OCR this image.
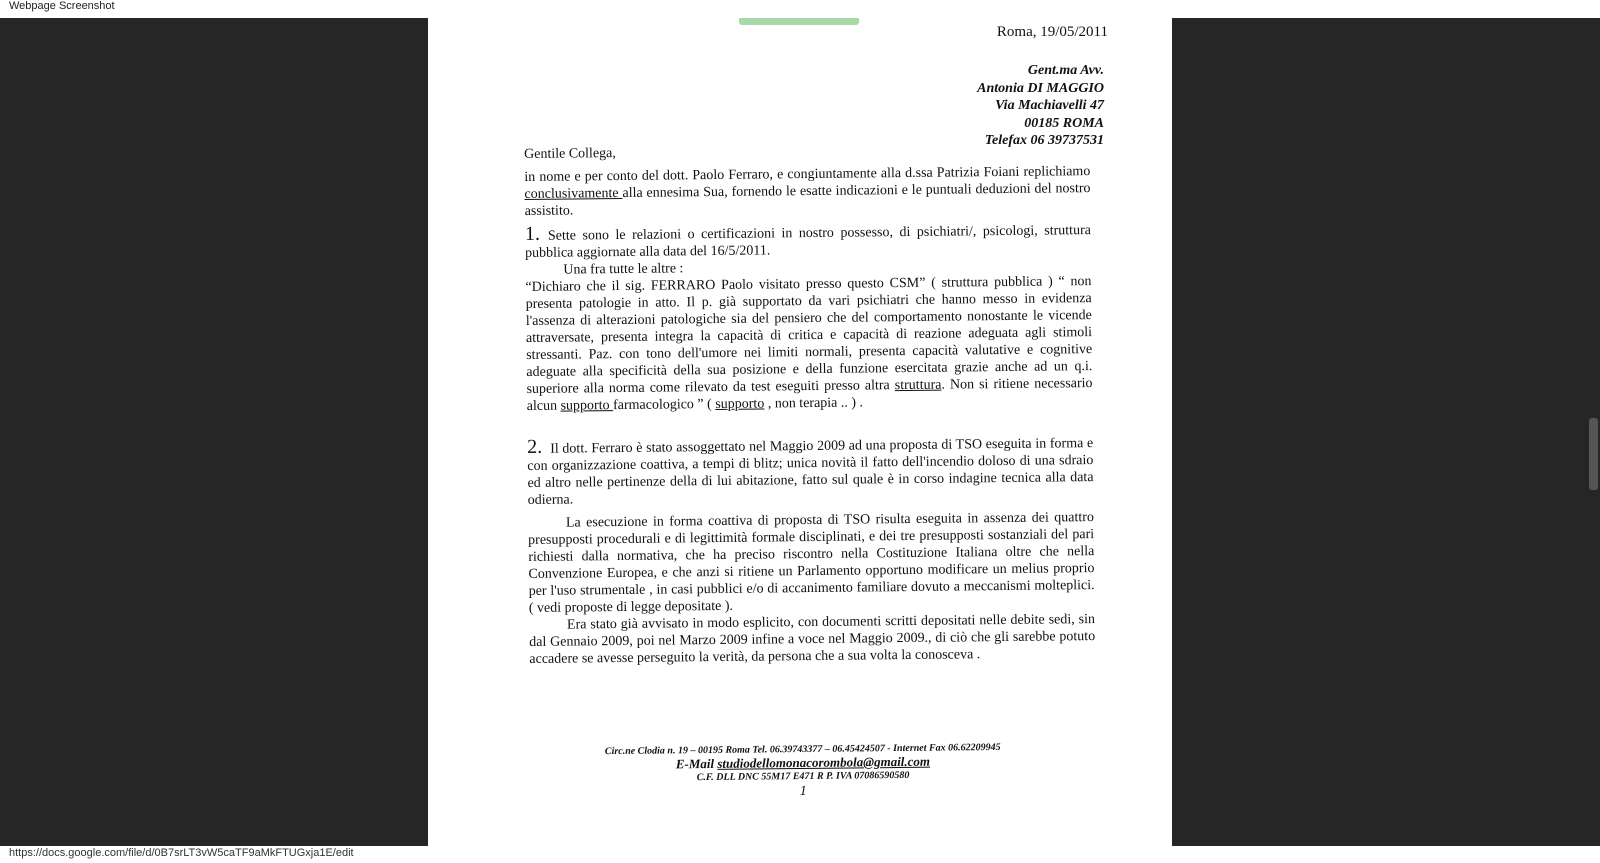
Webpage Screenshot
Roma, 19/05/2011
Gent.ma Avv.
Antonia DI MAGGIO
Via Machiavelli 47
00185 ROMA
Telefax 06 39737531

Gentile Collega,

in nome e per conto del dott. Paolo Ferraro, e congiuntamente alla d.ssa Patrizia Foiani replichiamo conclusivamente alla ennesima Sua, fornendo le esatte indicazioni e le puntuali deduzioni del nostro assistito.

1. Sette sono le relazioni o certificazioni in nostro possesso, di psichiatri/, psicologi, struttura pubblica aggiornate alla data del 16/5/2011.

Una fra tutte le altre :

“Dichiaro che il sig. FERRARO Paolo visitato presso questo CSM” ( struttura pubblica ) “ non presenta patologie in atto. Il p. già supportato da vari psichiatri che hanno messo in evidenza l'assenza di alterazioni patologiche sia del pensiero che del comportamento nonostante le vicende attraversate, presenta integra la capacità di critica e capacità di reazione adeguata agli stimoli stressanti. Paz. con tono dell'umore nei limiti normali, presenta capacità valutative e cognitive adeguate alla specificità della sua posizione e della funzione esercitata grazie anche ad un q.i. superiore alla norma come rilevato da test eseguiti presso altra struttura. Non si ritiene necessario alcun supporto farmacologico ” ( supporto , non terapia .. ) .

2. Il dott. Ferraro è stato assoggettato nel Maggio 2009 ad una proposta di TSO eseguita in forma e con organizzazione coattiva, a tempi di blitz; unica novità il fatto dell'incendio doloso di una sdraio ed altro nelle pertinenze della di lui abitazione, fatto sul quale è in corso indagine tecnica alla data odierna.

La esecuzione in forma coattiva di proposta di TSO risulta eseguita in assenza dei quattro presupposti procedurali e di legittimità formale disciplinati, e dei tre presupposti sostanziali del pari richiesti dalla normativa, che ha preciso riscontro nella Costituzione Italiana oltre che nella Convenzione Europea, e che anzi si ritiene un Parlamento opportuno modificare un melius proprio per l'uso strumentale , in casi pubblici e/o di accanimento familiare dovuto a meccanismi molteplici. ( vedi proposte di legge depositate ).

Era stato già avvisato in modo esplicito, con documenti scritti depositati nelle debite sedi, sin dal Gennaio 2009, poi nel Marzo 2009 infine a voce nel Maggio 2009., di ciò che gli sarebbe potuto accadere se avesse perseguito la verità, da persona che a sua volta la conosceva .

Circ.ne Clodia n. 19 – 00195 Roma Tel. 06.39743377 – 06.45424507 - Internet Fax 06.62209945
E-Mail studiodellomonacorombola@gmail.com
C.F. DLL DNC 55M17 E471 R P. IVA 07086590580
1
https://docs.google.com/file/d/0B7srLT3vW5caTF9aMkFTUGxja1E/edit
